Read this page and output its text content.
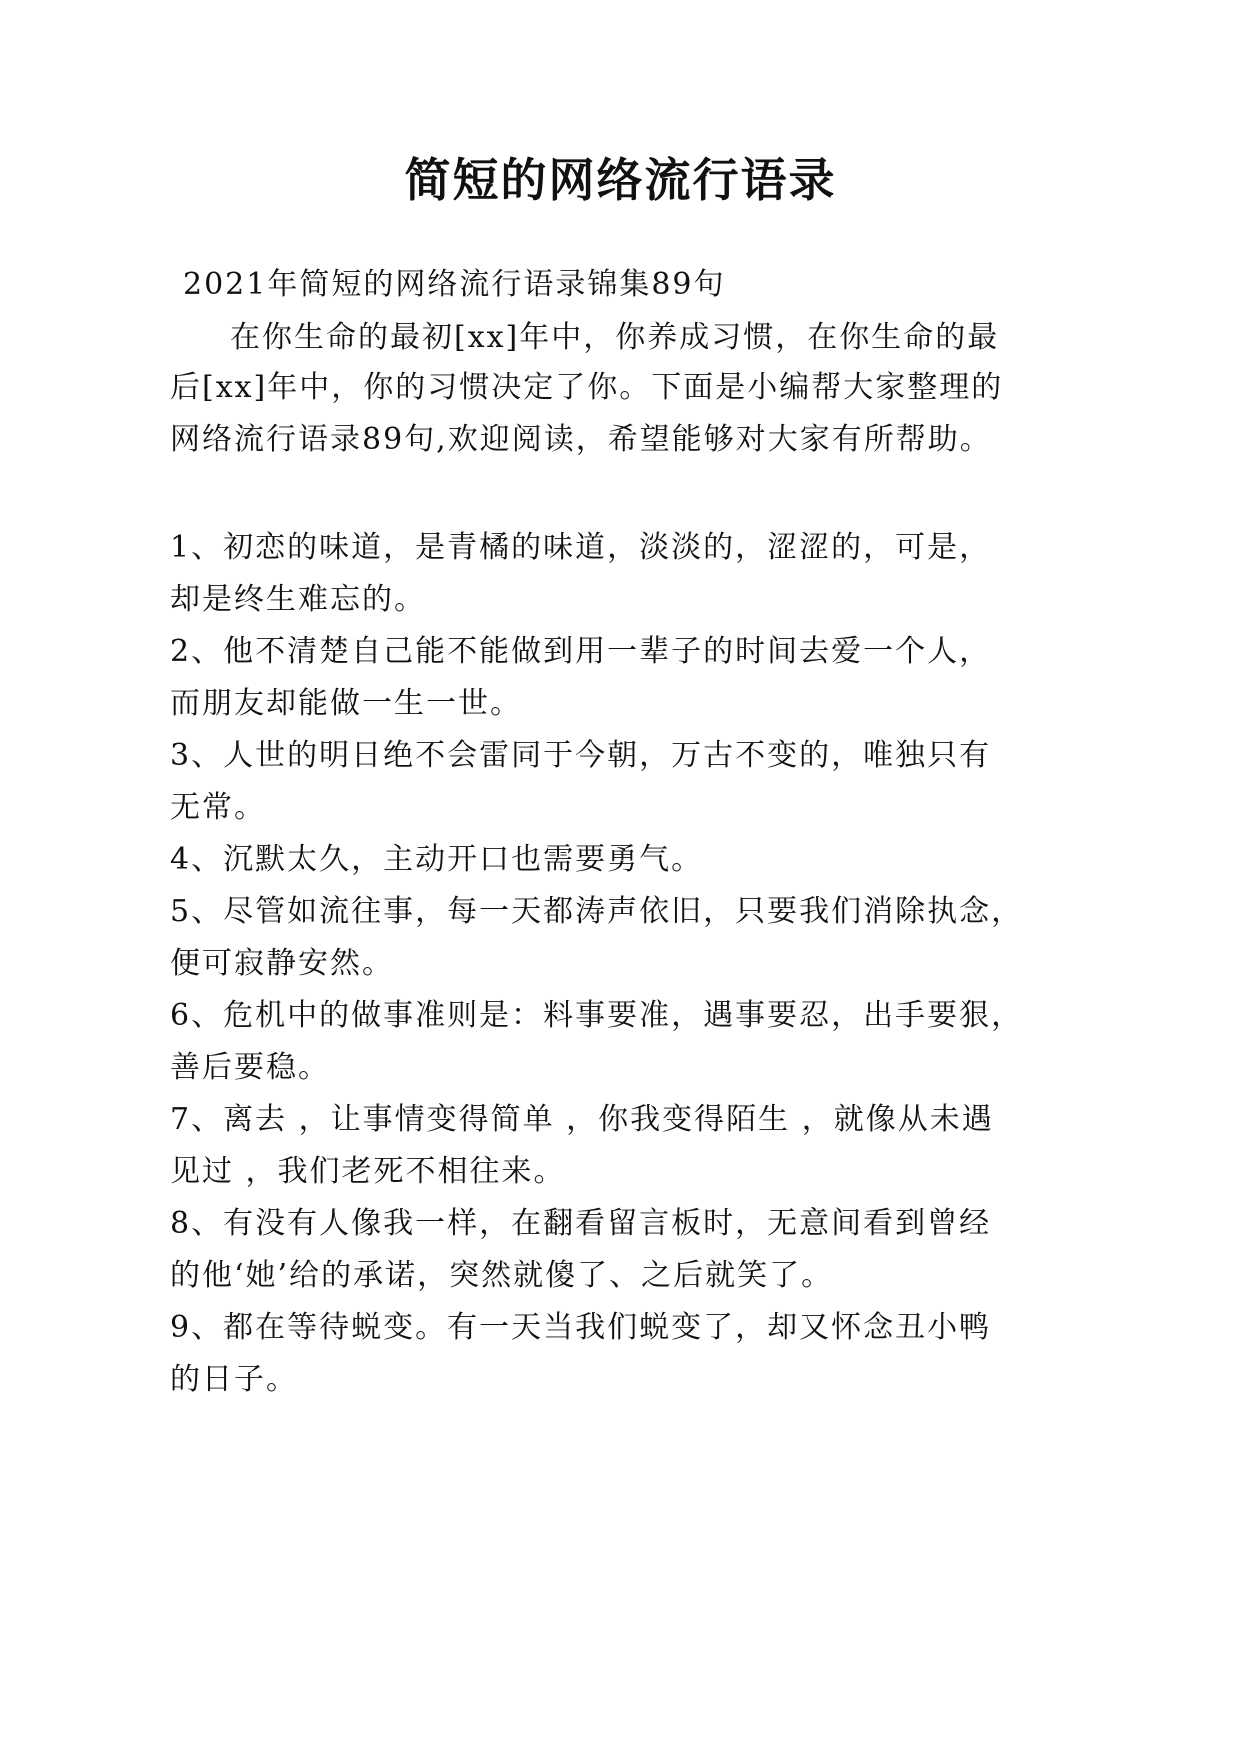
简短的网络流行语录
2021年简短的网络流行语录锦集89句
在你生命的最初[xx]年中，你养成习惯，在你生命的最
后[xx]年中，你的习惯决定了你。下面是小编帮大家整理的
网络流行语录89句,欢迎阅读，希望能够对大家有所帮助。
1、初恋的味道，是青橘的味道，淡淡的，涩涩的，可是，
却是终生难忘的。
2、他不清楚自己能不能做到用一辈子的时间去爱一个人，
而朋友却能做一生一世。
3、人世的明日绝不会雷同于今朝，万古不变的，唯独只有
无常。
4、沉默太久，主动开口也需要勇气。
5、尽管如流往事，每一天都涛声依旧，只要我们消除执念，
便可寂静安然。
6、危机中的做事准则是：料事要准，遇事要忍，出手要狠，
善后要稳。
7、离去 ，让事情变得简单 ，你我变得陌生 ，就像从未遇
见过 ，我们老死不相往来。
8、有没有人像我一样，在翻看留言板时，无意间看到曾经
的他‘她’给的承诺，突然就傻了、之后就笑了。
9、都在等待蜕变。有一天当我们蜕变了，却又怀念丑小鸭
的日子。
